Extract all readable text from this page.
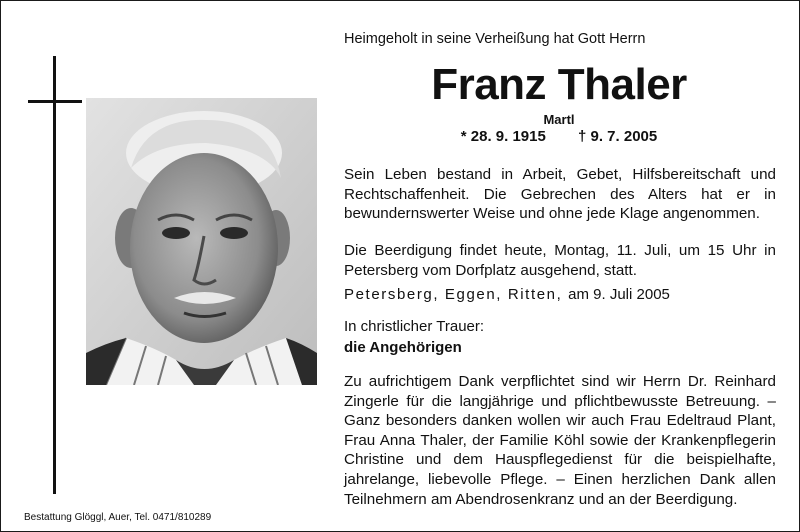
Bestattung Glöggl, Auer, Tel. 0471/810289
Heimgeholt in seine Verheißung hat Gott Herrn
Franz Thaler
Martl
* 28. 9. 1915 † 9. 7. 2005
Sein Leben bestand in Arbeit, Gebet, Hilfsbereitschaft und Rechtschaffenheit. Die Gebrechen des Alters hat er in bewundernswerter Weise und ohne jede Klage angenommen.
Die Beerdigung findet heute, Montag, 11. Juli, um 15 Uhr in Petersberg vom Dorfplatz ausgehend, statt.
Petersberg, Eggen, Ritten, am 9. Juli 2005
In christlicher Trauer:
die Angehörigen
Zu aufrichtigem Dank verpflichtet sind wir Herrn Dr. Reinhard Zingerle für die langjährige und pflichtbewusste Betreuung. – Ganz besonders danken wollen wir auch Frau Edeltraud Plant, Frau Anna Thaler, der Familie Köhl sowie der Krankenpflegerin Christine und dem Hauspflegedienst für die beispielhafte, jahrelange, liebevolle Pflege. – Einen herzlichen Dank allen Teilnehmern am Abendrosenkranz und an der Beerdigung.
